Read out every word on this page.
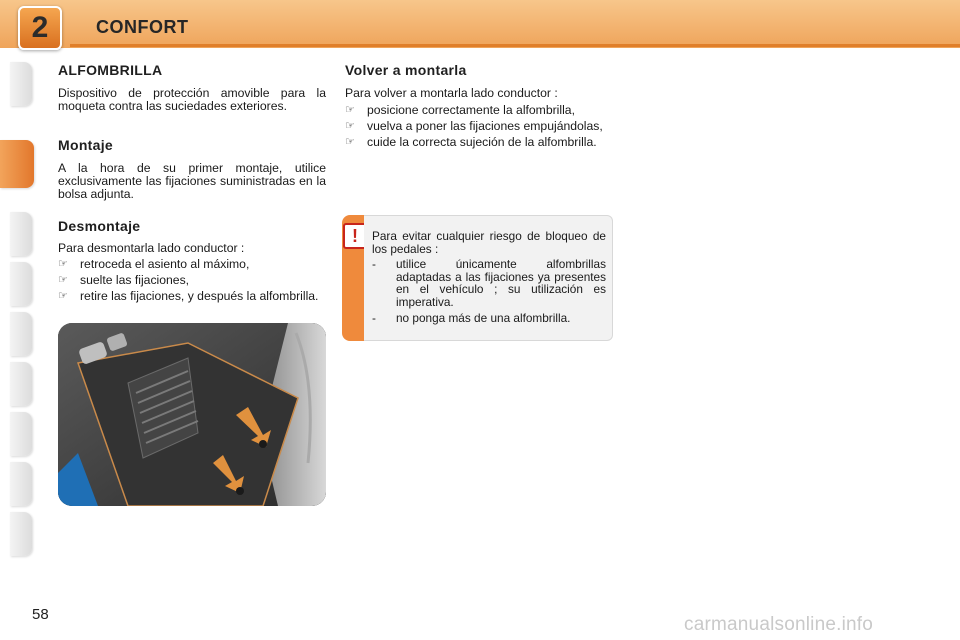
2	CONFORT
ALFOMBRILLA

Dispositivo de protección amovible para la moqueta contra las suciedades exteriores.

Montaje

A la hora de su primer montaje, utilice exclusivamente las fijaciones suministradas en la bolsa adjunta.

Desmontaje

Para desmontarla lado conductor :

☞ retroceda el asiento al máximo,
☞ suelte las fijaciones,
☞ retire las fijaciones, y después la alfombrilla.
Volver a montarla

Para volver a montarla lado conductor :

☞ posicione correctamente la alfombrilla,
☞ vuelva a poner las fijaciones empujándolas,
☞ cuide la correcta sujeción de la alfombrilla.
!	Para evitar cualquier riesgo de bloqueo de los pedales :

- utilice únicamente alfombrillas adaptadas a las fijaciones ya presentes en el vehículo ; su utilización es imperativa.
- no ponga más de una alfombrilla.
58	carmanualsonline.info
